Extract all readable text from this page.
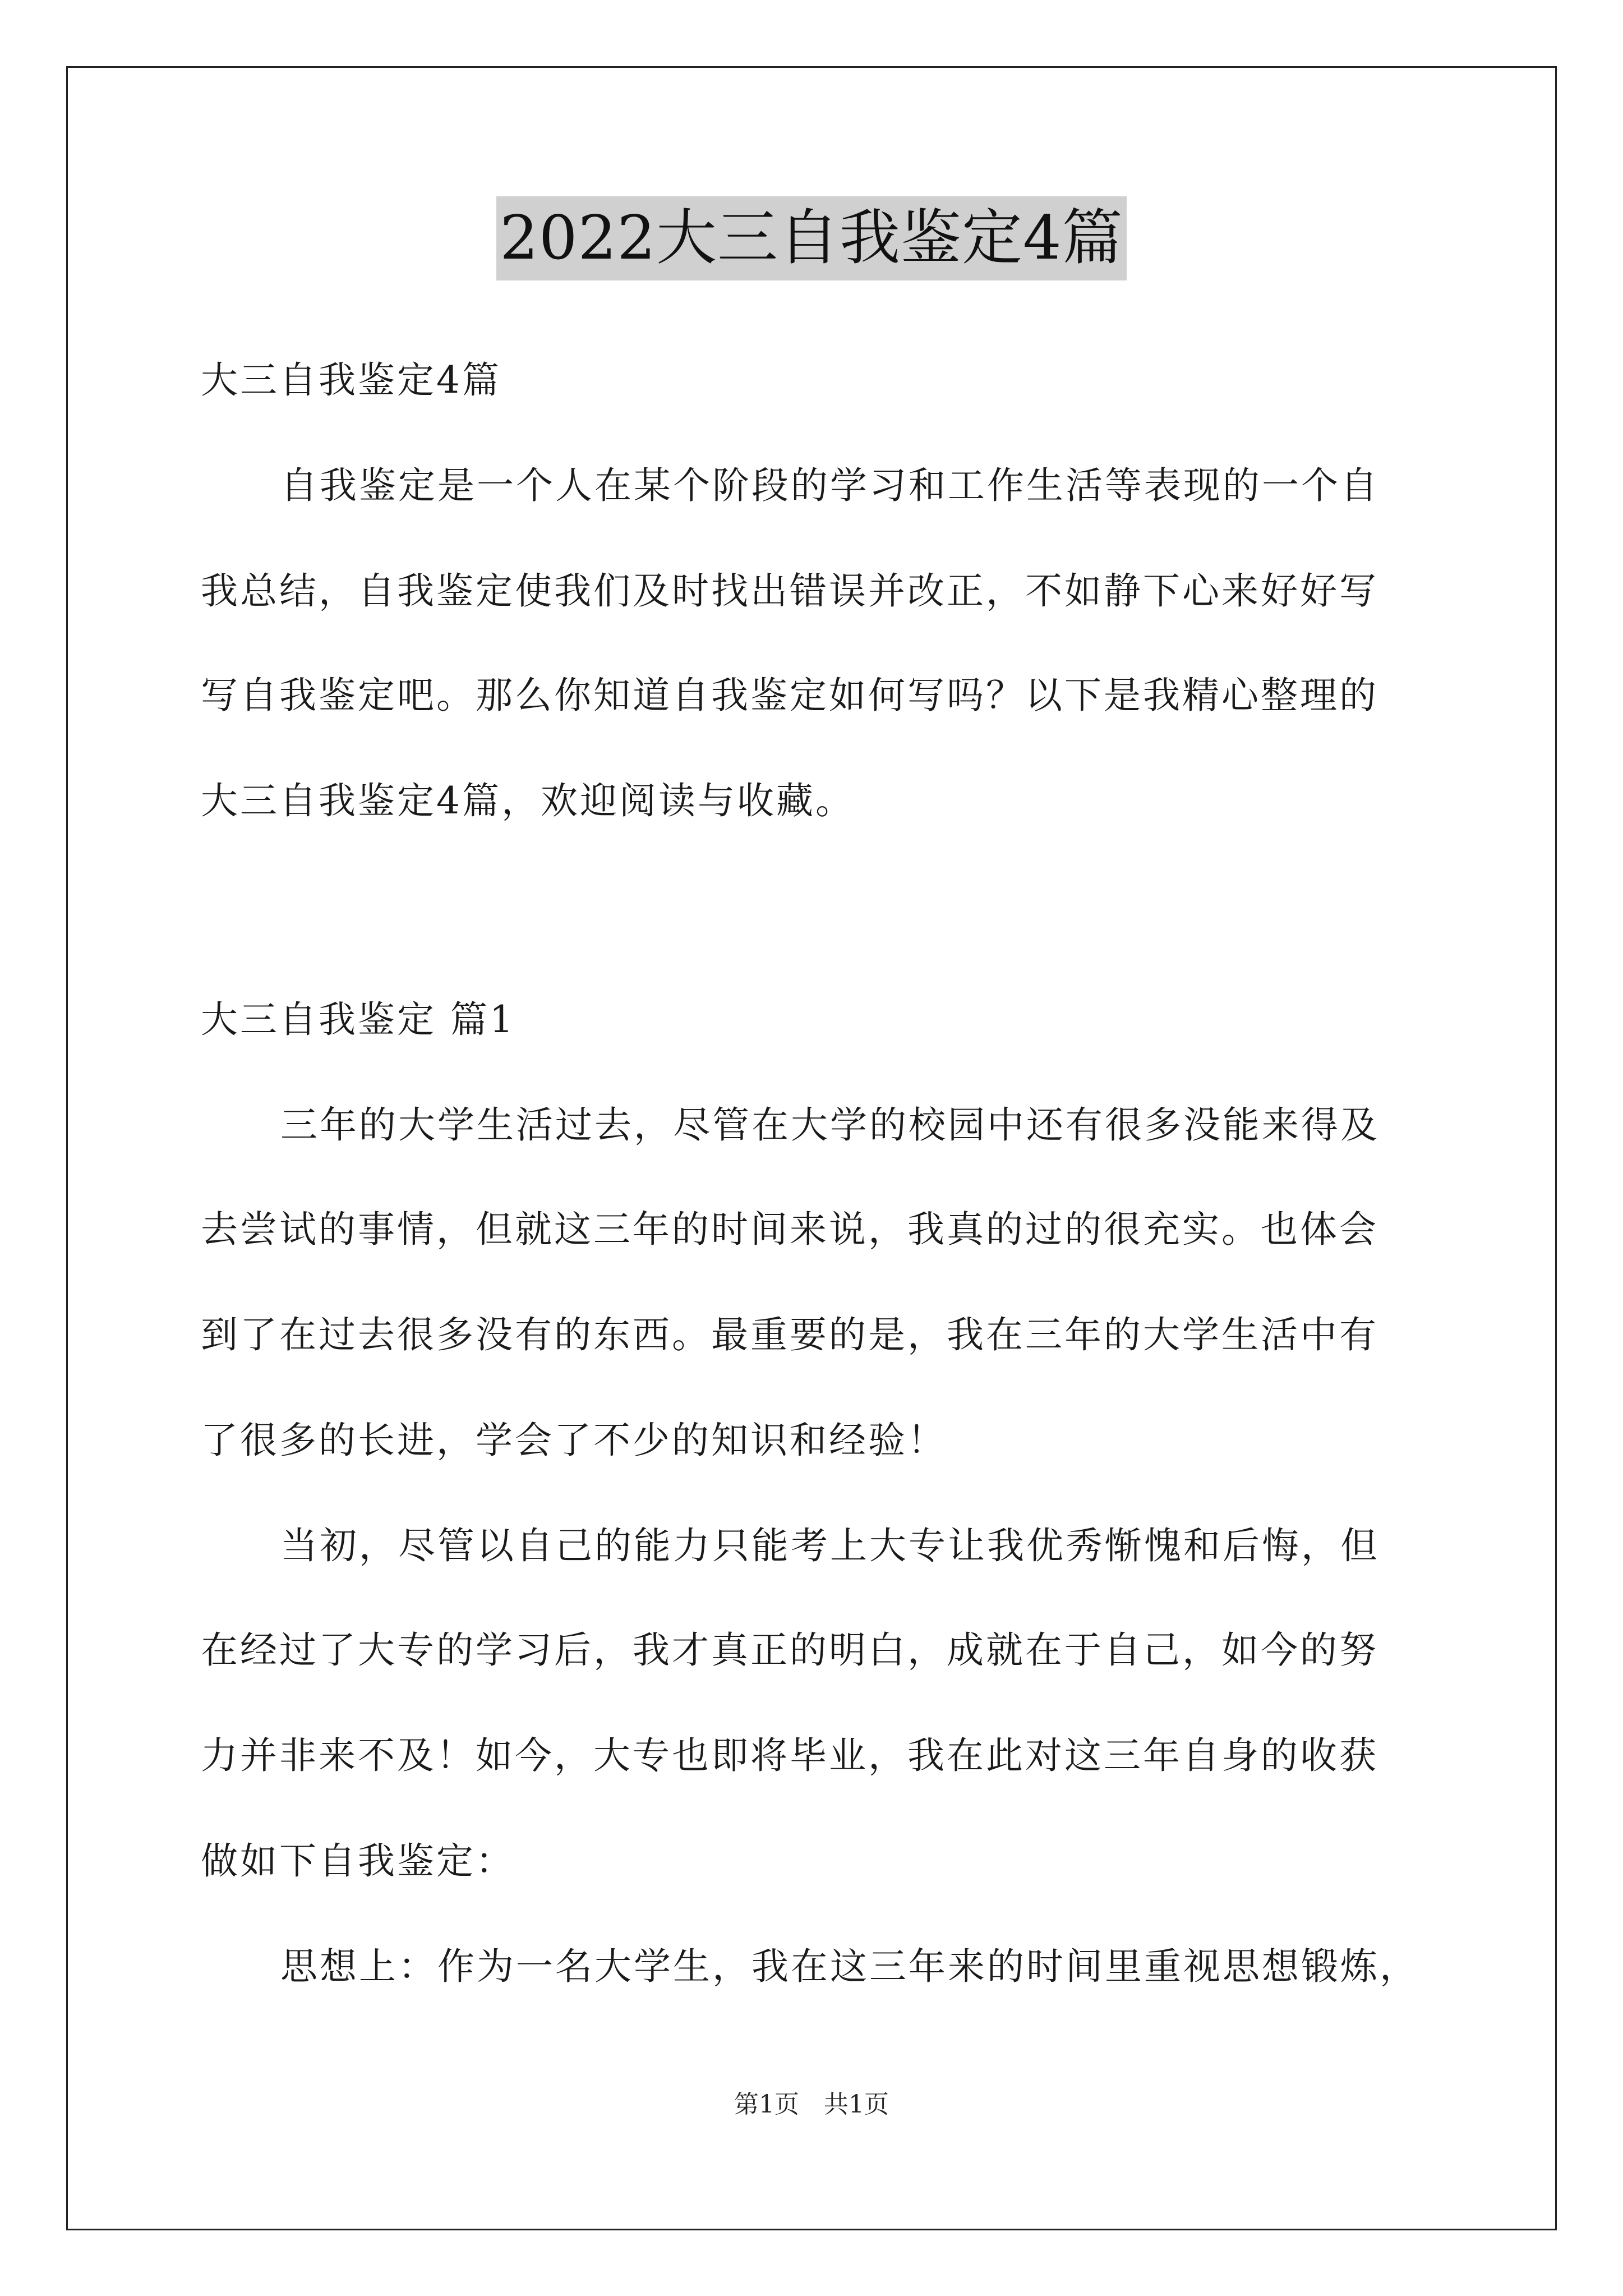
2022大三自我鉴定4篇
大三自我鉴定4篇
自我鉴定是一个人在某个阶段的学习和工作生活等表现的一个自
我总结，自我鉴定使我们及时找出错误并改正，不如静下心来好好写
写自我鉴定吧。那么你知道自我鉴定如何写吗？以下是我精心整理的
大三自我鉴定4篇，欢迎阅读与收藏。
大三自我鉴定 篇1
三年的大学生活过去，尽管在大学的校园中还有很多没能来得及
去尝试的事情，但就这三年的时间来说，我真的过的很充实。也体会
到了在过去很多没有的东西。最重要的是，我在三年的大学生活中有
了很多的长进，学会了不少的知识和经验！
当初，尽管以自己的能力只能考上大专让我优秀惭愧和后悔，但
在经过了大专的学习后，我才真正的明白，成就在于自己，如今的努
力并非来不及！如今，大专也即将毕业，我在此对这三年自身的收获
做如下自我鉴定：
思想上：作为一名大学生，我在这三年来的时间里重视思想锻炼，
第1页　共1页
